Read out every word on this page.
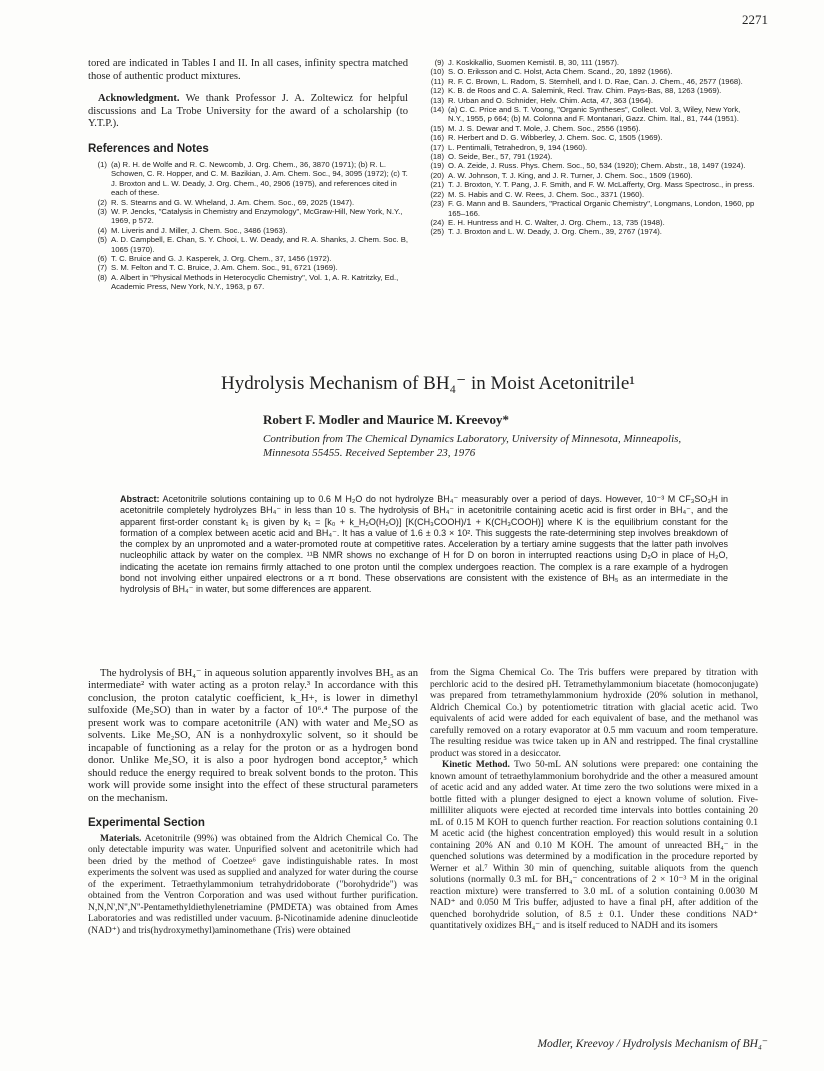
2271

tored are indicated in Tables I and II. In all cases, infinity spectra matched those of authentic product mixtures.

Acknowledgment. We thank Professor J. A. Zoltewicz for helpful discussions and La Trobe University for the award of a scholarship (to Y.T.P.).

References and Notes
(1) (a) R. H. de Wolfe and R. C. Newcomb, J. Org. Chem., 36, 3870 (1971); (b) R. L. Schowen, C. R. Hopper, and C. M. Bazikian, J. Am. Chem. Soc., 94, 3095 (1972); (c) T. J. Broxton and L. W. Deady, J. Org. Chem., 40, 2906 (1975), and references cited in each of these.
(2) R. S. Stearns and G. W. Wheland, J. Am. Chem. Soc., 69, 2025 (1947).
(3) W. P. Jencks, "Catalysis in Chemistry and Enzymology", McGraw-Hill, New York, N.Y., 1969, p 572.
(4) M. Liveris and J. Miller, J. Chem. Soc., 3486 (1963).
(5) A. D. Campbell, E. Chan, S. Y. Chooi, L. W. Deady, and R. A. Shanks, J. Chem. Soc. B, 1065 (1970).
(6) T. C. Bruice and G. J. Kasperek, J. Org. Chem., 37, 1456 (1972).
(7) S. M. Felton and T. C. Bruice, J. Am. Chem. Soc., 91, 6721 (1969).
(8) A. Albert in "Physical Methods in Heterocyclic Chemistry", Vol. 1, A. R. Katritzky, Ed., Academic Press, New York, N.Y., 1963, p 67.
(9) J. Koskikallio, Suomen Kemistil. B, 30, 111 (1957).
(10) S. O. Eriksson and C. Holst, Acta Chem. Scand., 20, 1892 (1966).
(11) R. F. C. Brown, L. Radom, S. Sternhell, and I. D. Rae, Can. J. Chem., 46, 2577 (1968).
(12) K. B. de Roos and C. A. Salemink, Recl. Trav. Chim. Pays-Bas, 88, 1263 (1969).
(13) R. Urban and O. Schnider, Helv. Chim. Acta, 47, 363 (1964).
(14) (a) C. C. Price and S. T. Voong, "Organic Syntheses", Collect. Vol. 3, Wiley, New York, N.Y., 1955, p 664; (b) M. Colonna and F. Montanari, Gazz. Chim. Ital., 81, 744 (1951).
(15) M. J. S. Dewar and T. Mole, J. Chem. Soc., 2556 (1956).
(16) R. Herbert and D. G. Wibberley, J. Chem. Soc. C, 1505 (1969).
(17) L. Pentimalli, Tetrahedron, 9, 194 (1960).
(18) O. Seide, Ber., 57, 791 (1924).
(19) O. A. Zeide, J. Russ. Phys. Chem. Soc., 50, 534 (1920); Chem. Abstr., 18, 1497 (1924).
(20) A. W. Johnson, T. J. King, and J. R. Turner, J. Chem. Soc., 1509 (1960).
(21) T. J. Broxton, Y. T. Pang, J. F. Smith, and F. W. McLafferty, Org. Mass Spectrosc., in press.
(22) M. S. Habis and C. W. Rees, J. Chem. Soc., 3371 (1960).
(23) F. G. Mann and B. Saunders, "Practical Organic Chemistry", Longmans, London, 1960, pp 165–166.
(24) E. H. Huntress and H. C. Walter, J. Org. Chem., 13, 735 (1948).
(25) T. J. Broxton and L. W. Deady, J. Org. Chem., 39, 2767 (1974).
Hydrolysis Mechanism of BH₄⁻ in Moist Acetonitrile¹
Robert F. Modler and Maurice M. Kreevoy*
Contribution from The Chemical Dynamics Laboratory, University of Minnesota, Minneapolis, Minnesota 55455. Received September 23, 1976
Abstract: Acetonitrile solutions containing up to 0.6 M H₂O do not hydrolyze BH₄⁻ measurably over a period of days. However, 10⁻³ M CF₃SO₃H in acetonitrile completely hydrolyzes BH₄⁻ in less than 10 s. The hydrolysis of BH₄⁻ in acetonitrile containing acetic acid is first order in BH₄⁻, and the apparent first-order constant k₁ is given by k₁ = [k₀ + k_H₂O(H₂O)] [K(CH₃COOH)/1 + K(CH₃COOH)] where K is the equilibrium constant for the formation of a complex between acetic acid and BH₄⁻. It has a value of 1.6 ± 0.3 × 10². This suggests the rate-determining step involves breakdown of the complex by an unpromoted and a water-promoted route at competitive rates. Acceleration by a tertiary amine suggests that the latter path involves nucleophilic attack by water on the complex. ¹¹B NMR shows no exchange of H for D on boron in interrupted reactions using D₂O in place of H₂O, indicating the acetate ion remains firmly attached to one proton until the complex undergoes reaction. The complex is a rare example of a hydrogen bond not involving either unpaired electrons or a π bond. These observations are consistent with the existence of BH₅ as an intermediate in the hydrolysis of BH₄⁻ in water, but some differences are apparent.

The hydrolysis of BH₄⁻ in aqueous solution apparently involves BH₅ as an intermediate² with water acting as a proton relay.³ In accordance with this conclusion, the proton catalytic coefficient, k_H+, is lower in dimethyl sulfoxide (Me₂SO) than in water by a factor of 10⁶.⁴ The purpose of the present work was to compare acetonitrile (AN) with water and Me₂SO as solvents. Like Me₂SO, AN is a nonhydroxylic solvent, so it should be incapable of functioning as a relay for the proton or as a hydrogen bond donor. Unlike Me₂SO, it is also a poor hydrogen bond acceptor,⁵ which should reduce the energy required to break solvent bonds to the proton. This work will provide some insight into the effect of these structural parameters on the mechanism.

Experimental Section

Materials. Acetonitrile (99%) was obtained from the Aldrich Chemical Co. The only detectable impurity was water. Unpurified solvent and acetonitrile which had been dried by the method of Coetzee⁶ gave indistinguishable rates. In most experiments the solvent was used as supplied and analyzed for water during the course of the experiment. Tetraethylammonium tetrahydridoborate ("borohydride") was obtained from the Ventron Corporation and was used without further purification. N,N,N',N'',N''-Pentamethyldiethylenetriamine (PMDETA) was obtained from Ames Laboratories and was redistilled under vacuum. β-Nicotinamide adenine dinucleotide (NAD⁺) and tris(hydroxymethyl)aminomethane (Tris) were obtained

from the Sigma Chemical Co. The Tris buffers were prepared by titration with perchloric acid to the desired pH. Tetramethylammonium biacetate (homoconjugate) was prepared from tetramethylammonium hydroxide (20% solution in methanol, Aldrich Chemical Co.) by potentiometric titration with glacial acetic acid. Two equivalents of acid were added for each equivalent of base, and the methanol was carefully removed on a rotary evaporator at 0.5 mm vacuum and room temperature. The resulting residue was twice taken up in AN and restripped. The final crystalline product was stored in a desiccator.

Kinetic Method. Two 50-mL AN solutions were prepared: one containing the known amount of tetraethylammonium borohydride and the other a measured amount of acetic acid and any added water. At time zero the two solutions were mixed in a bottle fitted with a plunger designed to eject a known volume of solution. Five-milliliter aliquots were ejected at recorded time intervals into bottles containing 20 mL of 0.15 M KOH to quench further reaction. For reaction solutions containing 0.1 M acetic acid (the highest concentration employed) this would result in a solution containing 20% AN and 0.10 M KOH. The amount of unreacted BH₄⁻ in the quenched solutions was determined by a modification in the procedure reported by Werner et al.⁷ Within 30 min of quenching, suitable aliquots from the quench solutions (normally 0.3 mL for BH₄⁻ concentrations of 2 × 10⁻³ M in the original reaction mixture) were transferred to 3.0 mL of a solution containing 0.0030 M NAD⁺ and 0.050 M Tris buffer, adjusted to have a final pH, after addition of the quenched borohydride solution, of 8.5 ± 0.1. Under these conditions NAD⁺ quantitatively oxidizes BH₄⁻ and is itself reduced to NADH and its isomers

Modler, Kreevoy / Hydrolysis Mechanism of BH₄⁻
